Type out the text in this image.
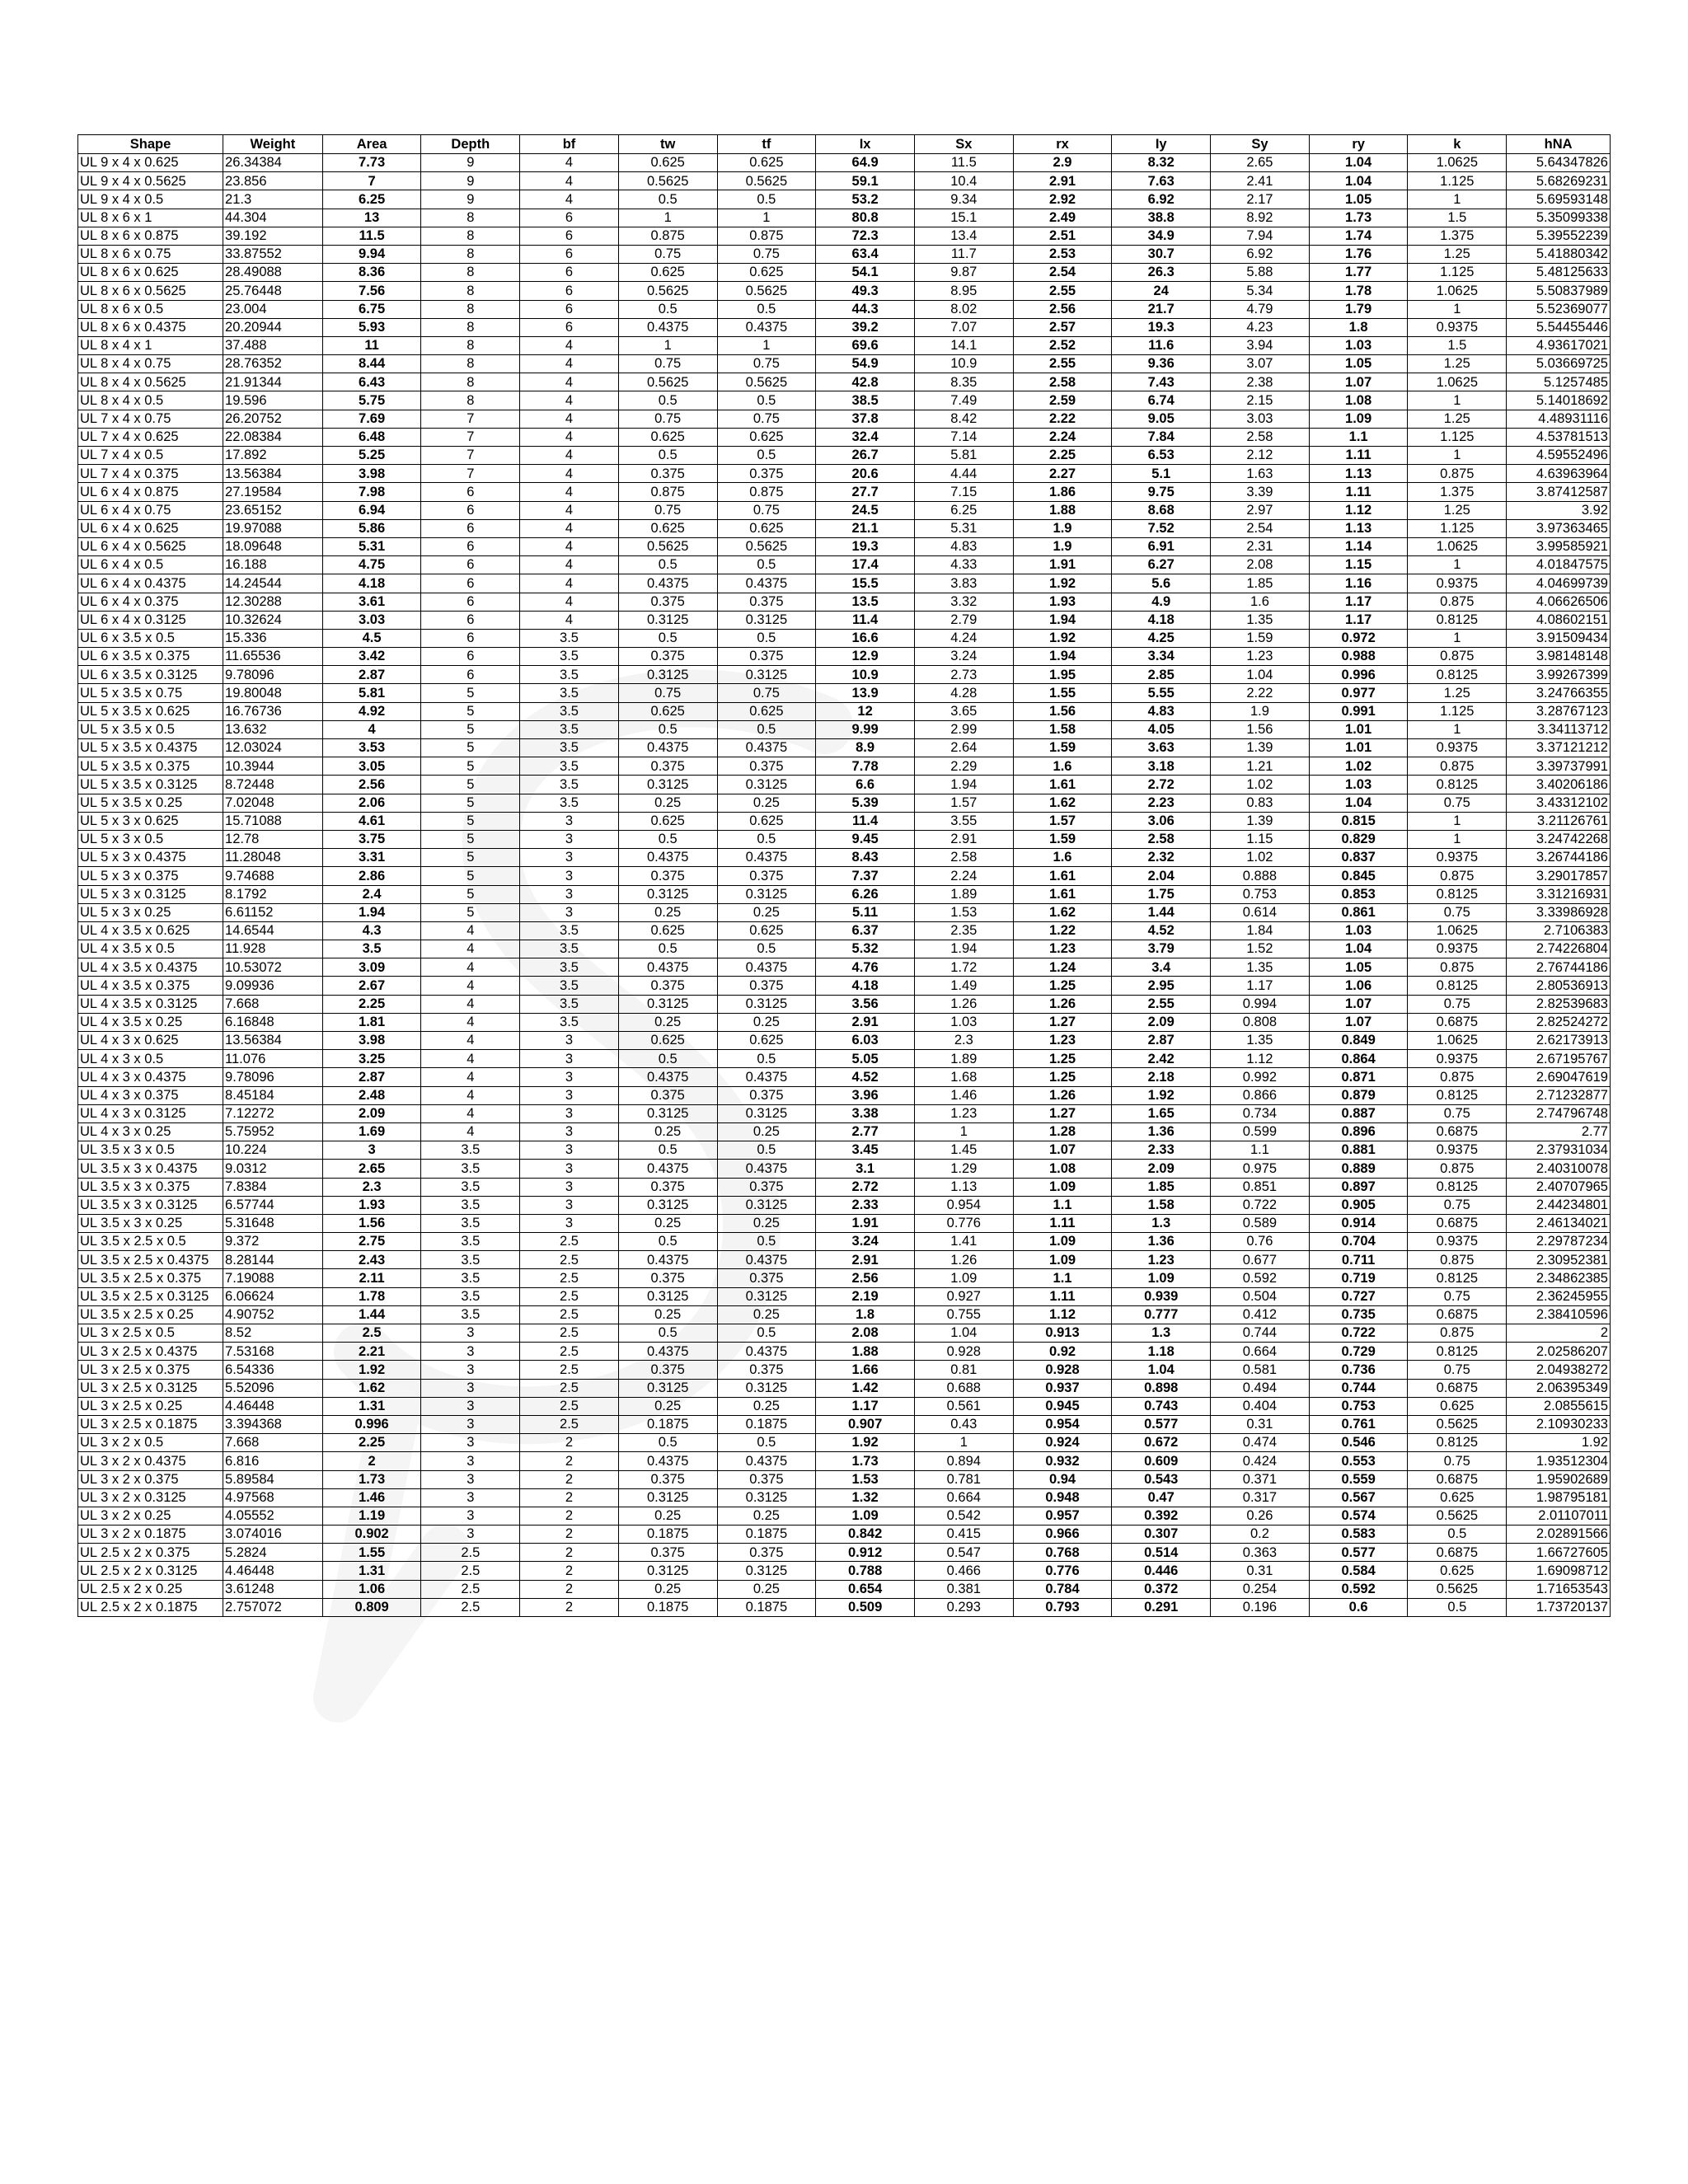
Shape	Weight	Area	Depth	bf	tw	tf	Ix	Sx	rx	Iy	Sy	ry	k	hNA
UL 9 x 4 x 0.625	26.34384	7.73	9	4	0.625	0.625	64.9	11.5	2.9	8.32	2.65	1.04	1.0625	5.64347826
UL 9 x 4 x 0.5625	23.856	7	9	4	0.5625	0.5625	59.1	10.4	2.91	7.63	2.41	1.04	1.125	5.68269231
UL 9 x 4 x 0.5	21.3	6.25	9	4	0.5	0.5	53.2	9.34	2.92	6.92	2.17	1.05	1	5.69593148
UL 8 x 6 x 1	44.304	13	8	6	1	1	80.8	15.1	2.49	38.8	8.92	1.73	1.5	5.35099338
UL 8 x 6 x 0.875	39.192	11.5	8	6	0.875	0.875	72.3	13.4	2.51	34.9	7.94	1.74	1.375	5.39552239
UL 8 x 6 x 0.75	33.87552	9.94	8	6	0.75	0.75	63.4	11.7	2.53	30.7	6.92	1.76	1.25	5.41880342
UL 8 x 6 x 0.625	28.49088	8.36	8	6	0.625	0.625	54.1	9.87	2.54	26.3	5.88	1.77	1.125	5.48125633
UL 8 x 6 x 0.5625	25.76448	7.56	8	6	0.5625	0.5625	49.3	8.95	2.55	24	5.34	1.78	1.0625	5.50837989
UL 8 x 6 x 0.5	23.004	6.75	8	6	0.5	0.5	44.3	8.02	2.56	21.7	4.79	1.79	1	5.52369077
UL 8 x 6 x 0.4375	20.20944	5.93	8	6	0.4375	0.4375	39.2	7.07	2.57	19.3	4.23	1.8	0.9375	5.54455446
UL 8 x 4 x 1	37.488	11	8	4	1	1	69.6	14.1	2.52	11.6	3.94	1.03	1.5	4.93617021
UL 8 x 4 x 0.75	28.76352	8.44	8	4	0.75	0.75	54.9	10.9	2.55	9.36	3.07	1.05	1.25	5.03669725
UL 8 x 4 x 0.5625	21.91344	6.43	8	4	0.5625	0.5625	42.8	8.35	2.58	7.43	2.38	1.07	1.0625	5.1257485
UL 8 x 4 x 0.5	19.596	5.75	8	4	0.5	0.5	38.5	7.49	2.59	6.74	2.15	1.08	1	5.14018692
UL 7 x 4 x 0.75	26.20752	7.69	7	4	0.75	0.75	37.8	8.42	2.22	9.05	3.03	1.09	1.25	4.48931116
UL 7 x 4 x 0.625	22.08384	6.48	7	4	0.625	0.625	32.4	7.14	2.24	7.84	2.58	1.1	1.125	4.53781513
UL 7 x 4 x 0.5	17.892	5.25	7	4	0.5	0.5	26.7	5.81	2.25	6.53	2.12	1.11	1	4.59552496
UL 7 x 4 x 0.375	13.56384	3.98	7	4	0.375	0.375	20.6	4.44	2.27	5.1	1.63	1.13	0.875	4.63963964
UL 6 x 4 x 0.875	27.19584	7.98	6	4	0.875	0.875	27.7	7.15	1.86	9.75	3.39	1.11	1.375	3.87412587
UL 6 x 4 x 0.75	23.65152	6.94	6	4	0.75	0.75	24.5	6.25	1.88	8.68	2.97	1.12	1.25	3.92
UL 6 x 4 x 0.625	19.97088	5.86	6	4	0.625	0.625	21.1	5.31	1.9	7.52	2.54	1.13	1.125	3.97363465
UL 6 x 4 x 0.5625	18.09648	5.31	6	4	0.5625	0.5625	19.3	4.83	1.9	6.91	2.31	1.14	1.0625	3.99585921
UL 6 x 4 x 0.5	16.188	4.75	6	4	0.5	0.5	17.4	4.33	1.91	6.27	2.08	1.15	1	4.01847575
UL 6 x 4 x 0.4375	14.24544	4.18	6	4	0.4375	0.4375	15.5	3.83	1.92	5.6	1.85	1.16	0.9375	4.04699739
UL 6 x 4 x 0.375	12.30288	3.61	6	4	0.375	0.375	13.5	3.32	1.93	4.9	1.6	1.17	0.875	4.06626506
UL 6 x 4 x 0.3125	10.32624	3.03	6	4	0.3125	0.3125	11.4	2.79	1.94	4.18	1.35	1.17	0.8125	4.08602151
UL 6 x 3.5 x 0.5	15.336	4.5	6	3.5	0.5	0.5	16.6	4.24	1.92	4.25	1.59	0.972	1	3.91509434
UL 6 x 3.5 x 0.375	11.65536	3.42	6	3.5	0.375	0.375	12.9	3.24	1.94	3.34	1.23	0.988	0.875	3.98148148
UL 6 x 3.5 x 0.3125	9.78096	2.87	6	3.5	0.3125	0.3125	10.9	2.73	1.95	2.85	1.04	0.996	0.8125	3.99267399
UL 5 x 3.5 x 0.75	19.80048	5.81	5	3.5	0.75	0.75	13.9	4.28	1.55	5.55	2.22	0.977	1.25	3.24766355
UL 5 x 3.5 x 0.625	16.76736	4.92	5	3.5	0.625	0.625	12	3.65	1.56	4.83	1.9	0.991	1.125	3.28767123
UL 5 x 3.5 x 0.5	13.632	4	5	3.5	0.5	0.5	9.99	2.99	1.58	4.05	1.56	1.01	1	3.34113712
UL 5 x 3.5 x 0.4375	12.03024	3.53	5	3.5	0.4375	0.4375	8.9	2.64	1.59	3.63	1.39	1.01	0.9375	3.37121212
UL 5 x 3.5 x 0.375	10.3944	3.05	5	3.5	0.375	0.375	7.78	2.29	1.6	3.18	1.21	1.02	0.875	3.39737991
UL 5 x 3.5 x 0.3125	8.72448	2.56	5	3.5	0.3125	0.3125	6.6	1.94	1.61	2.72	1.02	1.03	0.8125	3.40206186
UL 5 x 3.5 x 0.25	7.02048	2.06	5	3.5	0.25	0.25	5.39	1.57	1.62	2.23	0.83	1.04	0.75	3.43312102
UL 5 x 3 x 0.625	15.71088	4.61	5	3	0.625	0.625	11.4	3.55	1.57	3.06	1.39	0.815	1	3.21126761
UL 5 x 3 x 0.5	12.78	3.75	5	3	0.5	0.5	9.45	2.91	1.59	2.58	1.15	0.829	1	3.24742268
UL 5 x 3 x 0.4375	11.28048	3.31	5	3	0.4375	0.4375	8.43	2.58	1.6	2.32	1.02	0.837	0.9375	3.26744186
UL 5 x 3 x 0.375	9.74688	2.86	5	3	0.375	0.375	7.37	2.24	1.61	2.04	0.888	0.845	0.875	3.29017857
UL 5 x 3 x 0.3125	8.1792	2.4	5	3	0.3125	0.3125	6.26	1.89	1.61	1.75	0.753	0.853	0.8125	3.31216931
UL 5 x 3 x 0.25	6.61152	1.94	5	3	0.25	0.25	5.11	1.53	1.62	1.44	0.614	0.861	0.75	3.33986928
UL 4 x 3.5 x 0.625	14.6544	4.3	4	3.5	0.625	0.625	6.37	2.35	1.22	4.52	1.84	1.03	1.0625	2.7106383
UL 4 x 3.5 x 0.5	11.928	3.5	4	3.5	0.5	0.5	5.32	1.94	1.23	3.79	1.52	1.04	0.9375	2.74226804
UL 4 x 3.5 x 0.4375	10.53072	3.09	4	3.5	0.4375	0.4375	4.76	1.72	1.24	3.4	1.35	1.05	0.875	2.76744186
UL 4 x 3.5 x 0.375	9.09936	2.67	4	3.5	0.375	0.375	4.18	1.49	1.25	2.95	1.17	1.06	0.8125	2.80536913
UL 4 x 3.5 x 0.3125	7.668	2.25	4	3.5	0.3125	0.3125	3.56	1.26	1.26	2.55	0.994	1.07	0.75	2.82539683
UL 4 x 3.5 x 0.25	6.16848	1.81	4	3.5	0.25	0.25	2.91	1.03	1.27	2.09	0.808	1.07	0.6875	2.82524272
UL 4 x 3 x 0.625	13.56384	3.98	4	3	0.625	0.625	6.03	2.3	1.23	2.87	1.35	0.849	1.0625	2.62173913
UL 4 x 3 x 0.5	11.076	3.25	4	3	0.5	0.5	5.05	1.89	1.25	2.42	1.12	0.864	0.9375	2.67195767
UL 4 x 3 x 0.4375	9.78096	2.87	4	3	0.4375	0.4375	4.52	1.68	1.25	2.18	0.992	0.871	0.875	2.69047619
UL 4 x 3 x 0.375	8.45184	2.48	4	3	0.375	0.375	3.96	1.46	1.26	1.92	0.866	0.879	0.8125	2.71232877
UL 4 x 3 x 0.3125	7.12272	2.09	4	3	0.3125	0.3125	3.38	1.23	1.27	1.65	0.734	0.887	0.75	2.74796748
UL 4 x 3 x 0.25	5.75952	1.69	4	3	0.25	0.25	2.77	1	1.28	1.36	0.599	0.896	0.6875	2.77
UL 3.5 x 3 x 0.5	10.224	3	3.5	3	0.5	0.5	3.45	1.45	1.07	2.33	1.1	0.881	0.9375	2.37931034
UL 3.5 x 3 x 0.4375	9.0312	2.65	3.5	3	0.4375	0.4375	3.1	1.29	1.08	2.09	0.975	0.889	0.875	2.40310078
UL 3.5 x 3 x 0.375	7.8384	2.3	3.5	3	0.375	0.375	2.72	1.13	1.09	1.85	0.851	0.897	0.8125	2.40707965
UL 3.5 x 3 x 0.3125	6.57744	1.93	3.5	3	0.3125	0.3125	2.33	0.954	1.1	1.58	0.722	0.905	0.75	2.44234801
UL 3.5 x 3 x 0.25	5.31648	1.56	3.5	3	0.25	0.25	1.91	0.776	1.11	1.3	0.589	0.914	0.6875	2.46134021
UL 3.5 x 2.5 x 0.5	9.372	2.75	3.5	2.5	0.5	0.5	3.24	1.41	1.09	1.36	0.76	0.704	0.9375	2.29787234
UL 3.5 x 2.5 x 0.4375	8.28144	2.43	3.5	2.5	0.4375	0.4375	2.91	1.26	1.09	1.23	0.677	0.711	0.875	2.30952381
UL 3.5 x 2.5 x 0.375	7.19088	2.11	3.5	2.5	0.375	0.375	2.56	1.09	1.1	1.09	0.592	0.719	0.8125	2.34862385
UL 3.5 x 2.5 x 0.3125	6.06624	1.78	3.5	2.5	0.3125	0.3125	2.19	0.927	1.11	0.939	0.504	0.727	0.75	2.36245955
UL 3.5 x 2.5 x 0.25	4.90752	1.44	3.5	2.5	0.25	0.25	1.8	0.755	1.12	0.777	0.412	0.735	0.6875	2.38410596
UL 3 x 2.5 x 0.5	8.52	2.5	3	2.5	0.5	0.5	2.08	1.04	0.913	1.3	0.744	0.722	0.875	2
UL 3 x 2.5 x 0.4375	7.53168	2.21	3	2.5	0.4375	0.4375	1.88	0.928	0.92	1.18	0.664	0.729	0.8125	2.02586207
UL 3 x 2.5 x 0.375	6.54336	1.92	3	2.5	0.375	0.375	1.66	0.81	0.928	1.04	0.581	0.736	0.75	2.04938272
UL 3 x 2.5 x 0.3125	5.52096	1.62	3	2.5	0.3125	0.3125	1.42	0.688	0.937	0.898	0.494	0.744	0.6875	2.06395349
UL 3 x 2.5 x 0.25	4.46448	1.31	3	2.5	0.25	0.25	1.17	0.561	0.945	0.743	0.404	0.753	0.625	2.0855615
UL 3 x 2.5 x 0.1875	3.394368	0.996	3	2.5	0.1875	0.1875	0.907	0.43	0.954	0.577	0.31	0.761	0.5625	2.10930233
UL 3 x 2 x 0.5	7.668	2.25	3	2	0.5	0.5	1.92	1	0.924	0.672	0.474	0.546	0.8125	1.92
UL 3 x 2 x 0.4375	6.816	2	3	2	0.4375	0.4375	1.73	0.894	0.932	0.609	0.424	0.553	0.75	1.93512304
UL 3 x 2 x 0.375	5.89584	1.73	3	2	0.375	0.375	1.53	0.781	0.94	0.543	0.371	0.559	0.6875	1.95902689
UL 3 x 2 x 0.3125	4.97568	1.46	3	2	0.3125	0.3125	1.32	0.664	0.948	0.47	0.317	0.567	0.625	1.98795181
UL 3 x 2 x 0.25	4.05552	1.19	3	2	0.25	0.25	1.09	0.542	0.957	0.392	0.26	0.574	0.5625	2.01107011
UL 3 x 2 x 0.1875	3.074016	0.902	3	2	0.1875	0.1875	0.842	0.415	0.966	0.307	0.2	0.583	0.5	2.02891566
UL 2.5 x 2 x 0.375	5.2824	1.55	2.5	2	0.375	0.375	0.912	0.547	0.768	0.514	0.363	0.577	0.6875	1.66727605
UL 2.5 x 2 x 0.3125	4.46448	1.31	2.5	2	0.3125	0.3125	0.788	0.466	0.776	0.446	0.31	0.584	0.625	1.69098712
UL 2.5 x 2 x 0.25	3.61248	1.06	2.5	2	0.25	0.25	0.654	0.381	0.784	0.372	0.254	0.592	0.5625	1.71653543
UL 2.5 x 2 x 0.1875	2.757072	0.809	2.5	2	0.1875	0.1875	0.509	0.293	0.793	0.291	0.196	0.6	0.5	1.73720137
